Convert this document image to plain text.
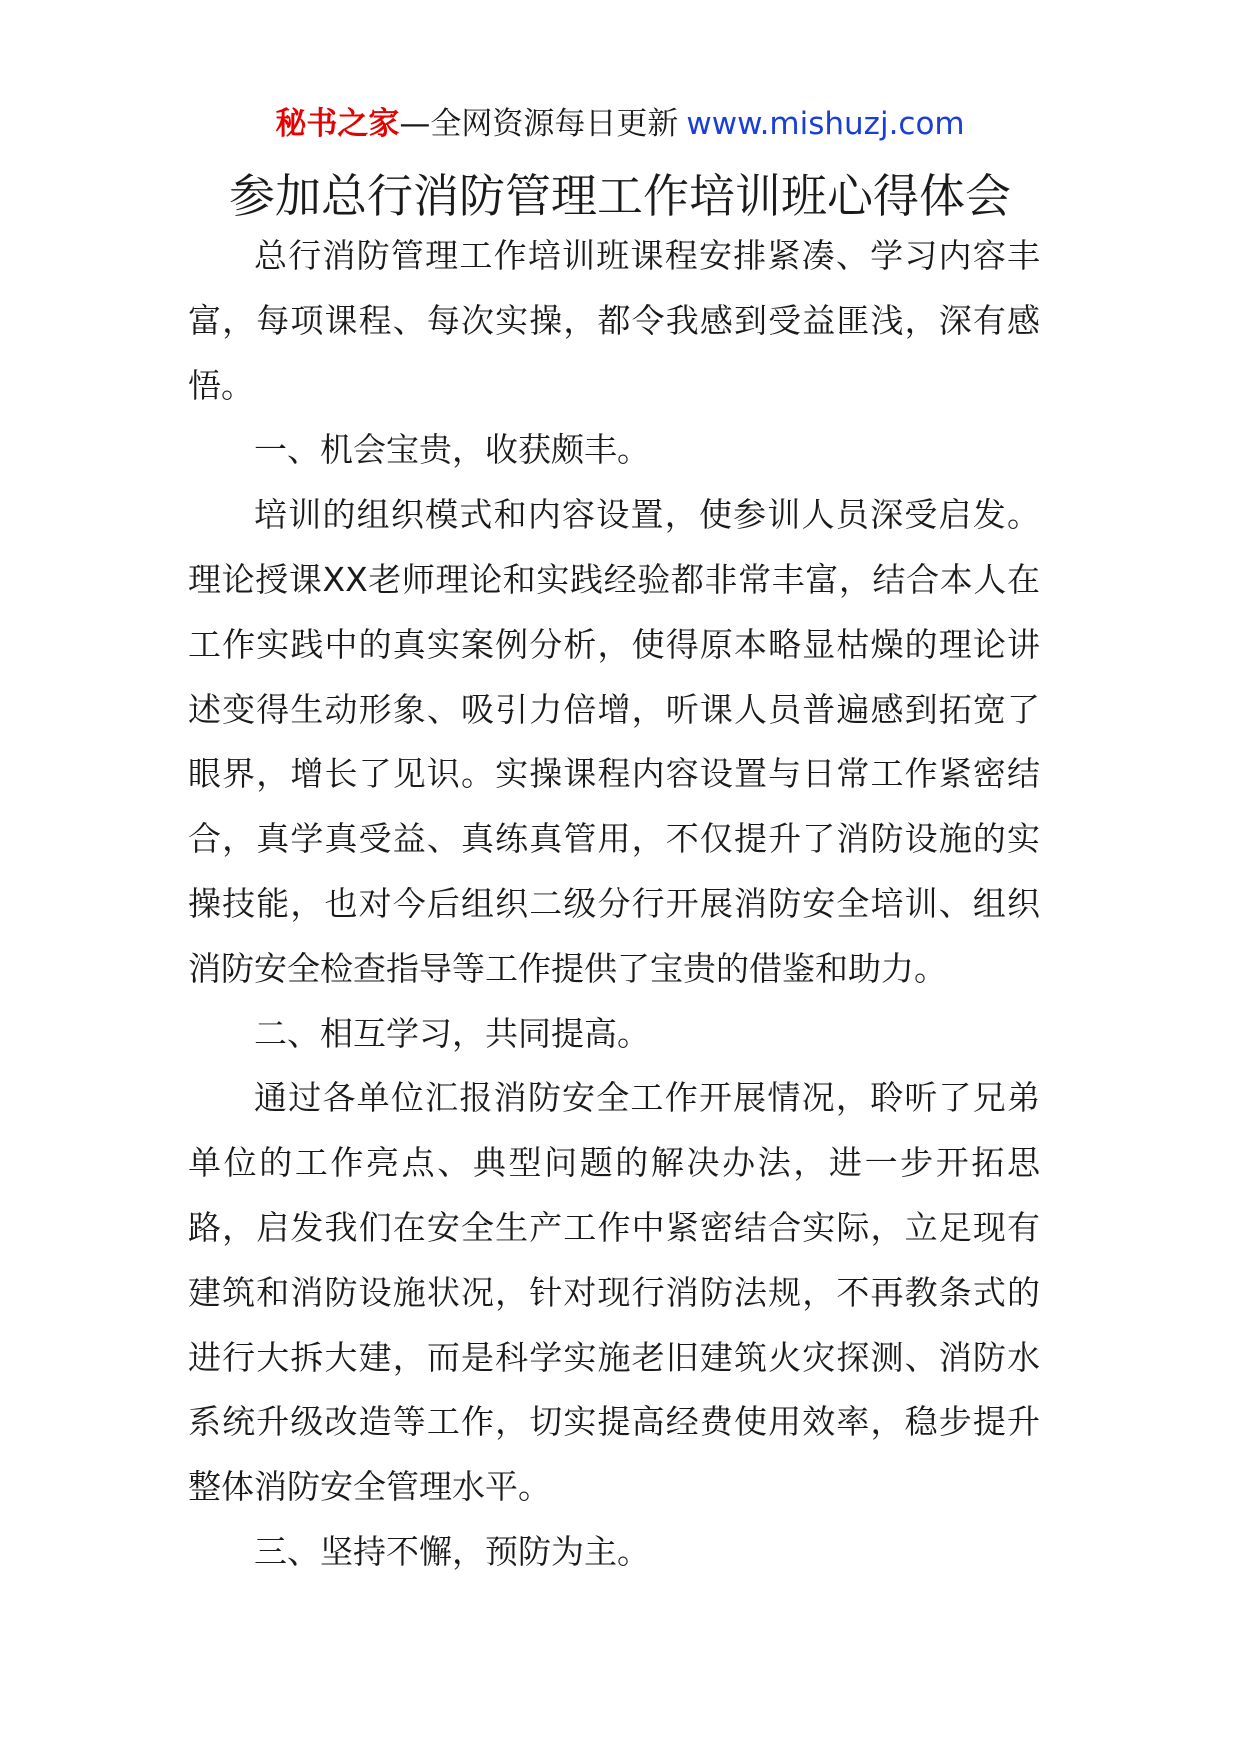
秘书之家—全网资源每日更新 www.mishuzj.com
参加总行消防管理工作培训班心得体会

总行消防管理工作培训班课程安排紧凑、学习内容丰富，每项课程、每次实操，都令我感到受益匪浅，深有感悟。

一、机会宝贵，收获颇丰。

培训的组织模式和内容设置，使参训人员深受启发。理论授课XX老师理论和实践经验都非常丰富，结合本人在工作实践中的真实案例分析，使得原本略显枯燥的理论讲述变得生动形象、吸引力倍增，听课人员普遍感到拓宽了眼界，增长了见识。实操课程内容设置与日常工作紧密结合，真学真受益、真练真管用，不仅提升了消防设施的实操技能，也对今后组织二级分行开展消防安全培训、组织消防安全检查指导等工作提供了宝贵的借鉴和助力。

二、相互学习，共同提高。

通过各单位汇报消防安全工作开展情况，聆听了兄弟单位的工作亮点、典型问题的解决办法，进一步开拓思路，启发我们在安全生产工作中紧密结合实际，立足现有建筑和消防设施状况，针对现行消防法规，不再教条式的进行大拆大建，而是科学实施老旧建筑火灾探测、消防水系统升级改造等工作，切实提高经费使用效率，稳步提升整体消防安全管理水平。

三、坚持不懈，预防为主。
